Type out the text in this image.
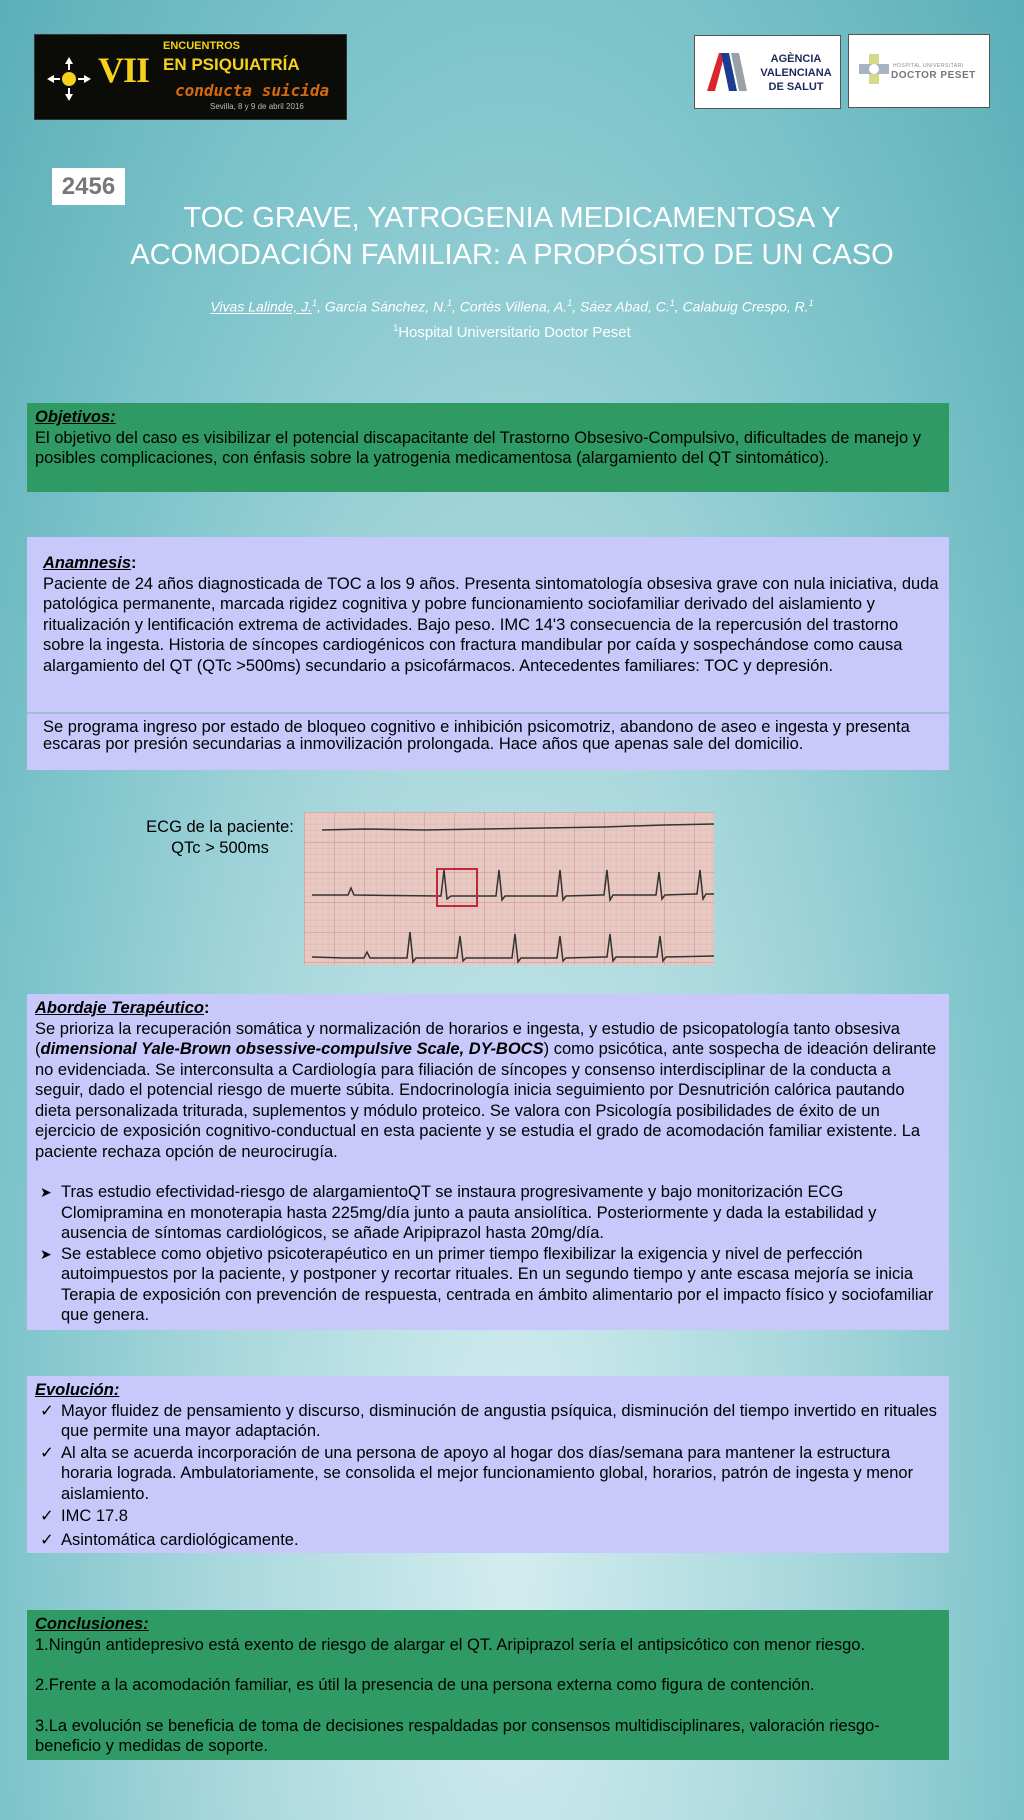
VII
ENCUENTROS
EN PSIQUIATRÍA
conducta suicida
Sevilla, 8 y 9 de abril 2016
AGÈNCIA
VALENCIANA
DE SALUT
HOSPITAL UNIVERSITARI
DOCTOR PESET
2456
TOC GRAVE, YATROGENIA MEDICAMENTOSA Y
ACOMODACIÓN FAMILIAR: A PROPÓSITO DE UN CASO
Vivas Lalinde, J.$^1$, García Sánchez, N.$^1$, Cortés Villena, A.$^1$, Sáez Abad, C.$^1$, Calabuig Crespo, R.$^1$
$^1$Hospital Universitario Doctor Peset
Objetivos:
El objetivo del caso es visibilizar el potencial discapacitante del Trastorno Obsesivo-Compulsivo, dificultades de manejo y posibles complicaciones, con énfasis sobre la yatrogenia medicamentosa (alargamiento del QT sintomático).
Anamnesis:
Paciente de 24 años diagnosticada de TOC a los 9 años. Presenta sintomatología obsesiva grave con nula iniciativa, duda patológica permanente, marcada rigidez cognitiva y pobre funcionamiento sociofamiliar derivado del aislamiento y ritualización y lentificación extrema de actividades. Bajo peso. IMC 14'3 consecuencia de la repercusión del trastorno sobre la ingesta. Historia de síncopes cardiogénicos con fractura mandibular por caída y sospechándose como causa alargamiento del QT (QTc >500ms) secundario a psicofármacos. Antecedentes familiares: TOC y depresión.
Se programa ingreso por estado de bloqueo cognitivo e inhibición psicomotriz, abandono de aseo e ingesta y presenta escaras por presión secundarias a inmovilización prolongada. Hace años que apenas sale del domicilio.
ECG de la paciente:
QTc > 500ms
Abordaje Terapéutico:
Se prioriza la recuperación somática y normalización de horarios e ingesta, y estudio de psicopatología tanto obsesiva (dimensional Yale-Brown obsessive-compulsive Scale, DY-BOCS) como psicótica, ante sospecha de ideación delirante no evidenciada. Se interconsulta a Cardiología para filiación de síncopes y consenso interdisciplinar de la conducta a seguir, dado el potencial riesgo de muerte súbita. Endocrinología inicia seguimiento por Desnutrición calórica pautando dieta personalizada triturada, suplementos y módulo proteico. Se valora con Psicología posibilidades de éxito de un ejercicio de exposición cognitivo-conductual en esta paciente y se estudia el grado de acomodación familiar existente. La paciente rechaza opción de neurocirugía.
➤ Tras estudio efectividad-riesgo de alargamientoQT se instaura progresivamente y bajo monitorización ECG Clomipramina en monoterapia hasta 225mg/día junto a pauta ansiolítica. Posteriormente y dada la estabilidad y ausencia de síntomas cardiológicos, se añade Aripiprazol hasta 20mg/día.
➤ Se establece como objetivo psicoterapéutico en un primer tiempo flexibilizar la exigencia y nivel de perfección autoimpuestos por la paciente, y postponer y recortar rituales. En un segundo tiempo y ante escasa mejoría se inicia Terapia de exposición con prevención de respuesta, centrada en ámbito alimentario por el impacto físico y sociofamiliar que genera.
Evolución:
✓ Mayor fluidez de pensamiento y discurso, disminución de angustia psíquica, disminución del tiempo invertido en rituales que permite una mayor adaptación.
✓ Al alta se acuerda incorporación de una persona de apoyo al hogar dos días/semana para mantener la estructura horaria lograda. Ambulatoriamente, se consolida el mejor funcionamiento global, horarios, patrón de ingesta y menor aislamiento.
✓ IMC 17.8
✓ Asintomática cardiológicamente.
Conclusiones:

1.Ningún antidepresivo está exento de riesgo de alargar el QT. Aripiprazol sería el antipsicótico con menor riesgo.

2.Frente a la acomodación familiar, es útil la presencia de una persona externa como figura de contención.

3.La evolución se beneficia de toma de decisiones respaldadas por consensos multidisciplinares, valoración riesgo-beneficio y medidas de soporte.
